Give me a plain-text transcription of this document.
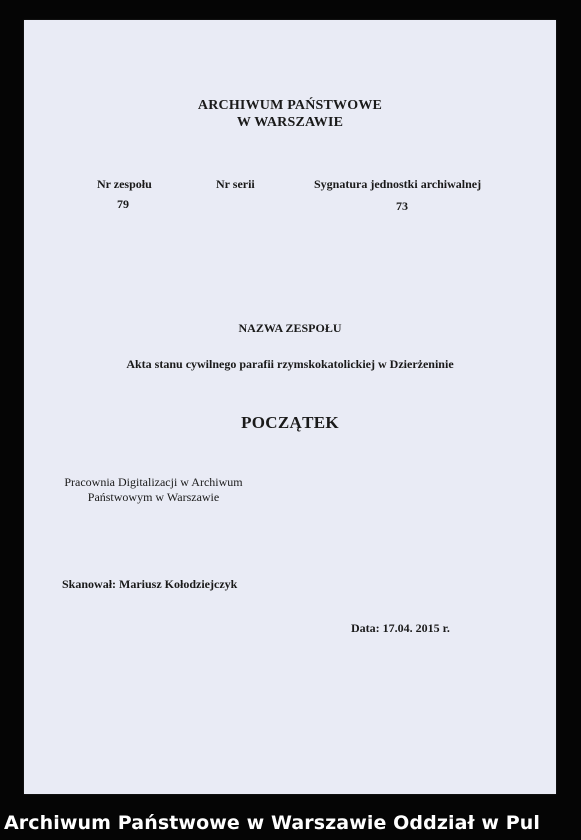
ARCHIWUM PAŃSTWOWE
W WARSZAWIE
Nr zespołu
79
Nr serii	Sygnatura jednostki archiwalnej
73
NAZWA ZESPOŁU
Akta stanu cywilnego parafii rzymskokatolickiej w Dzierżeninie
POCZĄTEK
Pracownia Digitalizacji w Archiwum
Państwowym w Warszawie
Skanował: Mariusz Kołodziejczyk
Data: 17.04. 2015 r.
Archiwum Państwowe w Warszawie Oddział w Pul
